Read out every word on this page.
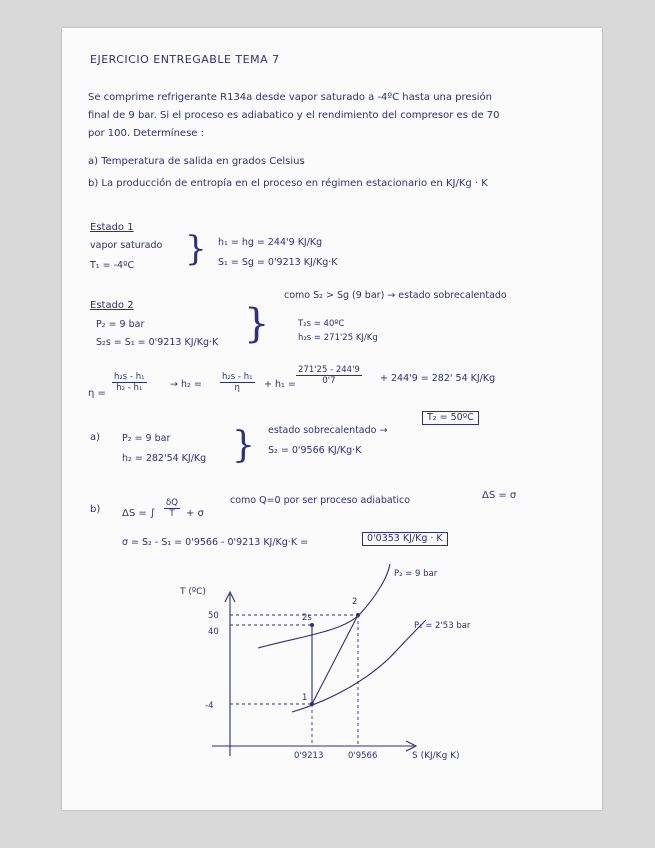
EJERCICIO ENTREGABLE TEMA 7
Se comprime refrigerante R134a desde vapor saturado a -4ºC hasta una presión
final de 9 bar. Si el proceso es adiabatico y el rendimiento del compresor es de 70
por 100. Determínese :
a) Temperatura de salida en grados Celsius
b) La producción de entropía en el proceso en régimen estacionario en KJ/Kg · K
Estado 1
vapor saturado
T₁ = -4ºC } h₁ = hg = 244'9 KJ/Kg
S₁ = Sg = 0'9213 KJ/Kg·K
Estado 2
P₂ = 9 bar
S₂s = S₁ = 0'9213 KJ/Kg·K }
como S₂ > Sg (9 bar) → estado sobrecalentado
T₂s = 40ºC
h₂s = 271'25 KJ/Kg
η =
$\frac{\text{h₂s - h₁}}{\text{h₂ - h₁}} \to h_2 = \frac{\text{h₂s - h₁}}{\eta} + h_1 = \frac{271'25 - 244'9}{0'7} + 244'9 = 282'$ 54 KJ/Kg
a) P₂ = 9 bar
h₂ = 282'54 KJ/Kg } estado sobrecalentado →
T₂ = 50ºC
S₂ = 0'9566 KJ/Kg·K
b) ΔS = ∫ $\frac{\delta Q}{T} + \sigma$
como Q=0 por ser proceso adiabatico	ΔS = σ
σ = S₂ - S₁ = 0'9566 - 0'9213 KJ/Kg·K =	0'0353 KJ/Kg · K
T (ºC)
S (KJ/Kg K)
50
40
-4
0'9213	0'9566
P₂ = 9 bar
P₁ = 2'53 bar
1
2
2s
